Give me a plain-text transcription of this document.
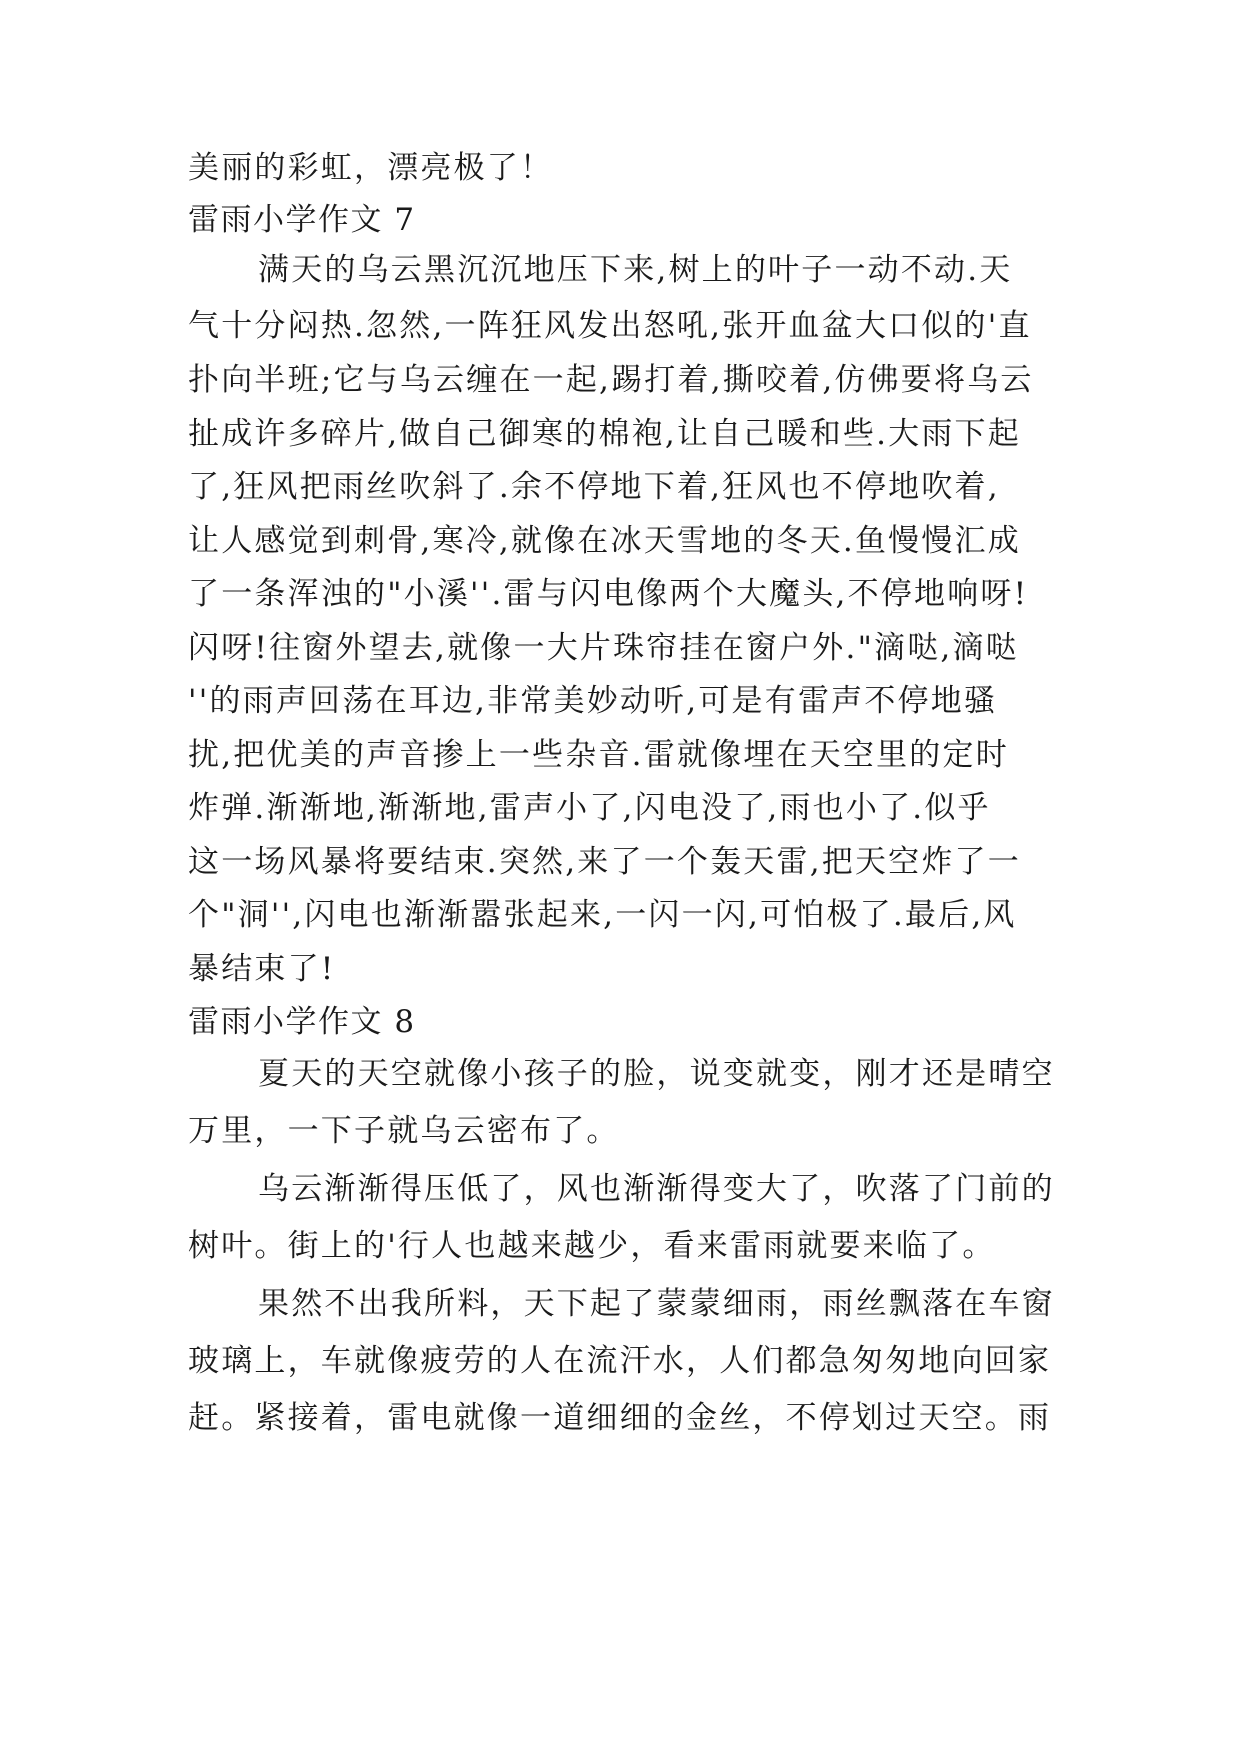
美丽的彩虹，漂亮极了！
雷雨小学作文 7
满天的乌云黑沉沉地压下来,树上的叶子一动不动.天
气十分闷热.忽然,一阵狂风发出怒吼,张开血盆大口似的'直
扑向半班;它与乌云缠在一起,踢打着,撕咬着,仿佛要将乌云
扯成许多碎片,做自己御寒的棉袍,让自己暖和些.大雨下起
了,狂风把雨丝吹斜了.余不停地下着,狂风也不停地吹着,
让人感觉到刺骨,寒冷,就像在冰天雪地的冬天.鱼慢慢汇成
了一条浑浊的"小溪''.雷与闪电像两个大魔头,不停地响呀!
闪呀!往窗外望去,就像一大片珠帘挂在窗户外."滴哒,滴哒
''的雨声回荡在耳边,非常美妙动听,可是有雷声不停地骚
扰,把优美的声音掺上一些杂音.雷就像埋在天空里的定时
炸弹.渐渐地,渐渐地,雷声小了,闪电没了,雨也小了.似乎
这一场风暴将要结束.突然,来了一个轰天雷,把天空炸了一
个"洞'',闪电也渐渐嚣张起来,一闪一闪,可怕极了.最后,风
暴结束了!
雷雨小学作文 8
夏天的天空就像小孩子的脸，说变就变，刚才还是晴空
万里，一下子就乌云密布了。
乌云渐渐得压低了，风也渐渐得变大了，吹落了门前的
树叶。街上的'行人也越来越少，看来雷雨就要来临了。
果然不出我所料，天下起了蒙蒙细雨，雨丝飘落在车窗
玻璃上，车就像疲劳的人在流汗水，人们都急匆匆地向回家
赶。紧接着，雷电就像一道细细的金丝，不停划过天空。雨
